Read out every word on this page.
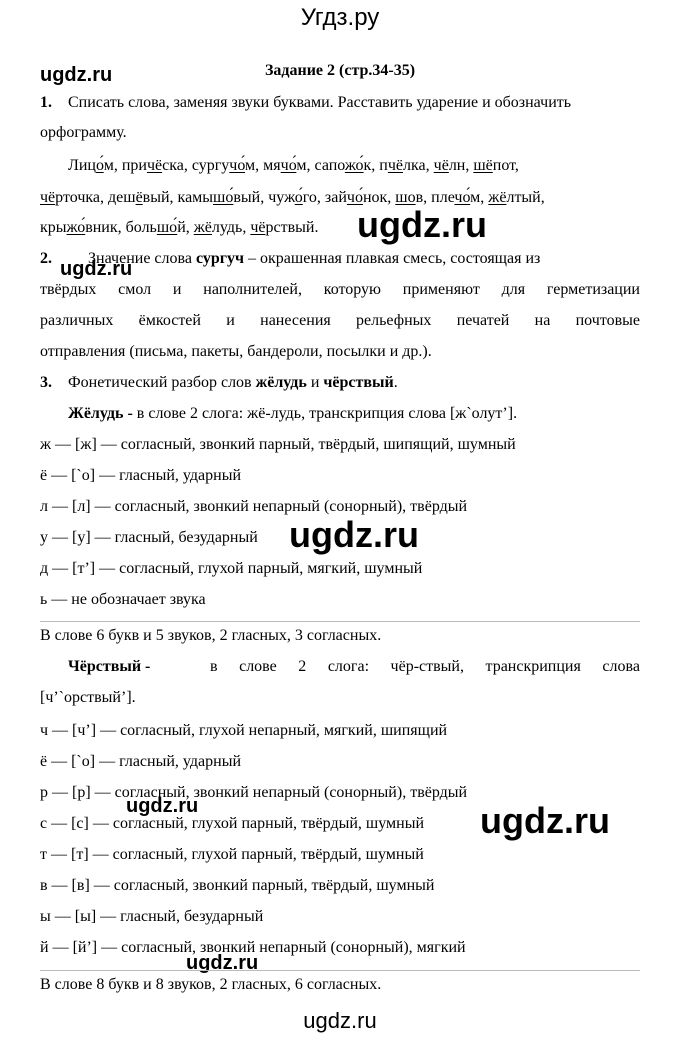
Угдз.ру
Задание 2 (стр.34-35)
ugdz.ru
ugdz.ru
ugdz.ru
ugdz.ru
ugdz.ru	ugdz.ru
ugdz.ru
1. Списать слова, заменяя звуки буквами. Расставить ударение и обозначить
орфограмму.
Лицо́м, причёска, сургучо́м, мячо́м, сапожо́к, пчёлка, чёлн, шёпот,
чёрточка, дешёвый, камышо́вый, чужо́го, зайчо́нок, шов, плечо́м, жёлтый,
крыжо́вник, большо́й, жёлудь, чёрствый.
2. Значение слова сургуч – окрашенная плавкая смесь, состоящая из
твёрдых смол и наполнителей, которую применяют для герметизации
различных ёмкостей и нанесения рельефных печатей на почтовые
отправления (письма, пакеты, бандероли, посылки и др.).
3. Фонетический разбор слов жёлудь и чёрствый.
Жёлудь - в слове 2 слога: жё-лудь, транскрипция слова [ж`олут’].
ж — [ж] — согласный, звонкий парный, твёрдый, шипящий, шумный
ё — [`о] — гласный, ударный
л — [л] — согласный, звонкий непарный (сонорный), твёрдый
у — [у] — гласный, безударный
д — [т’] — согласный, глухой парный, мягкий, шумный
ь — не обозначает звука
В слове 6 букв и 5 звуков, 2 гласных, 3 согласных.
Чёрствый -	в слове 2 слога: чёр-ствый, транскрипция слова
[ч’`орствый’].
ч — [ч’] — согласный, глухой непарный, мягкий, шипящий
ё — [`о] — гласный, ударный
р — [р] — согласный, звонкий непарный (сонорный), твёрдый
с — [с] — согласный, глухой парный, твёрдый, шумный
т — [т] — согласный, глухой парный, твёрдый, шумный
в — [в] — согласный, звонкий парный, твёрдый, шумный
ы — [ы] — гласный, безударный
й — [й’] — согласный, звонкий непарный (сонорный), мягкий
В слове 8 букв и 8 звуков, 2 гласных, 6 согласных.
ugdz.ru
